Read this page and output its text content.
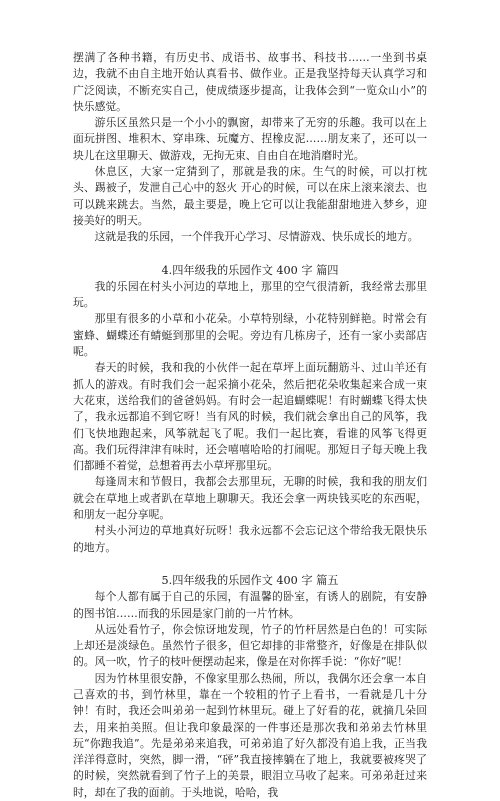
摆满了各种书籍，有历史书、成语书、故事书、科技书……一坐到书桌边，我就不由自主地开始认真看书、做作业。正是我坚持每天认真学习和广泛阅读，不断充实自己，使成绩逐步提高，让我体会到“一览众山小”的快乐感觉。

游乐区虽然只是一个小小的飘窗，却带来了无穷的乐趣。我可以在上面玩拼图、堆积木、穿串珠、玩魔方、捏橡皮泥……朋友来了，还可以一块儿在这里聊天、做游戏，无拘无束、自由自在地消磨时光。

休息区，大家一定猜到了，那就是我的床。生气的时候，可以打枕头、踢被子，发泄自己心中的怒火 开心的时候，可以在床上滚来滚去、也可以跳来跳去。当然，最主要是，晚上它可以让我能甜甜地进入梦乡，迎接美好的明天。

这就是我的乐园，一个伴我开心学习、尽情游戏、快乐成长的地方。

4.四年级我的乐园作文 400 字 篇四

我的乐园在村头小河边的草地上，那里的空气很清新，我经常去那里玩。

那里有很多的小草和小花朵。小草特别绿，小花特别鲜艳。时常会有蜜蜂、蝴蝶还有蜻蜓到那里的会呢。旁边有几栋房子，还有一家小卖部店呢。

春天的时候，我和我的小伙伴一起在草坪上面玩翻筋斗、过山羊还有抓人的游戏。有时我们会一起采摘小花朵，然后把花朵收集起来合成一束大花束，送给我们的爸爸妈妈。有时会一起追蝴蝶呢！有时蝴蝶飞得太快了，我永远都追不到它呀！当有风的时候，我们就会拿出自己的风筝，我们飞快地跑起来，风筝就起飞了呢。我们一起比赛，看谁的风筝飞得更高。我们玩得津津有味时，还会嘻嘻哈哈的打闹呢。那短日子每天晚上我们都睡不着觉，总想着再去小草坪那里玩。

每逢周末和节假日，我都会去那里玩，无聊的时候，我和我的朋友们就会在草地上或者趴在草地上聊聊天。我还会拿一两块钱买吃的东西呢，和朋友一起分享呢。

村头小河边的草地真好玩呀！我永远都不会忘记这个带给我无限快乐的地方。

5.四年级我的乐园作文 400 字 篇五

每个人都有属于自己的乐园，有温馨的卧室，有诱人的剧院，有安静的图书馆……而我的乐园是家门前的一片竹林。

从远处看竹子，你会惊讶地发现，竹子的竹杆居然是白色的！可实际上却还是淡绿色。虽然竹子很多，但它却排的非常整齐，好像是在排队似的。风一吹，竹子的枝叶便摆动起来，像是在对你挥手说：“你好”呢！

因为竹林里很安静，不像家里那么热闹，所以，我偶尔还会拿一本自己喜欢的书，到竹林里，靠在一个较粗的竹子上看书，一看就是几十分钟！有时，我还会叫弟弟一起到竹林里玩。碰上了好看的花，就摘几朵回去，用来拍美照。但让我印象最深的一件事还是那次我和弟弟去竹林里玩“你跑我追”。先是弟弟来追我，可弟弟追了好久都没有追上我，正当我洋洋得意时，突然，脚一滑，“砰”我直接摔躺在了地上，我就要被疼哭了的时候，突然就看到了竹子上的美景，眼泪立马收了起来。可弟弟赶过来时，却在了我的面前。于头地说，哈哈，我
